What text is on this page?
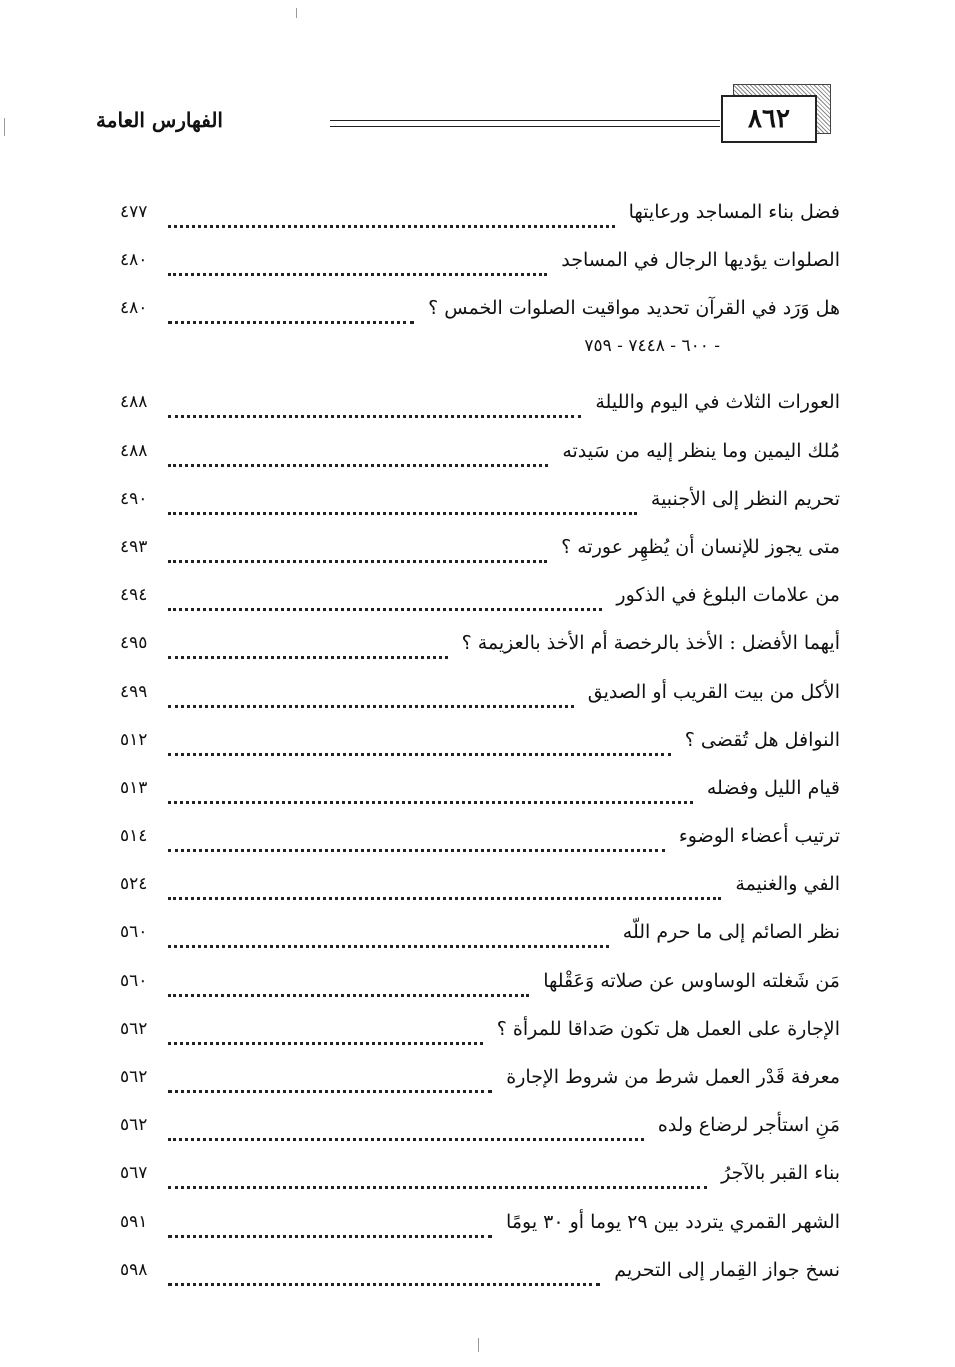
٨٦٢
الفهارس العامة
فضل بناء المساجد ورعايتها
٤٧٧
الصلوات يؤديها الرجال في المساجد
٤٨٠
هل وَرَد في القرآن تحديد مواقيت الصلوات الخمس ؟
٤٨٠
- ٦٠٠ - ٧٤٤٨ - ٧٥٩
العورات الثلاث في اليوم والليلة
٤٨٨
مُلك اليمين وما ينظر إليه من سَيدته
٤٨٨
تحريم النظر إلى الأجنبية
٤٩٠
متى يجوز للإنسان أن يُظهِر عورته ؟
٤٩٣
من علامات البلوغ في الذكور
٤٩٤
أيهما الأفضل : الأخذ بالرخصة أم الأخذ بالعزيمة ؟
٤٩٥
الأكل من بيت القريب أو الصديق
٤٩٩
النوافل هل تُقضى ؟
٥١٢
قيام الليل وفضله
٥١٣
ترتيب أعضاء الوضوء
٥١٤
الفي والغنيمة
٥٢٤
نظر الصائم إلى ما حرم اللّه
٥٦٠
مَن شَغلته الوساوس عن صلاته وَعَقْلها
٥٦٠
الإجارة على العمل هل تكون صَداقا للمرأة ؟
٥٦٢
معرفة قَدْر العمل شرط من شروط الإجارة
٥٦٢
مَنِ استأجر لرضاع ولده
٥٦٢
بناء القبر بالآجرُ
٥٦٧
الشهر القمري يتردد بين ٢٩ يوما أو ٣٠ يومًا
٥٩١
نسخ جواز القِمار إلى التحريم
٥٩٨
